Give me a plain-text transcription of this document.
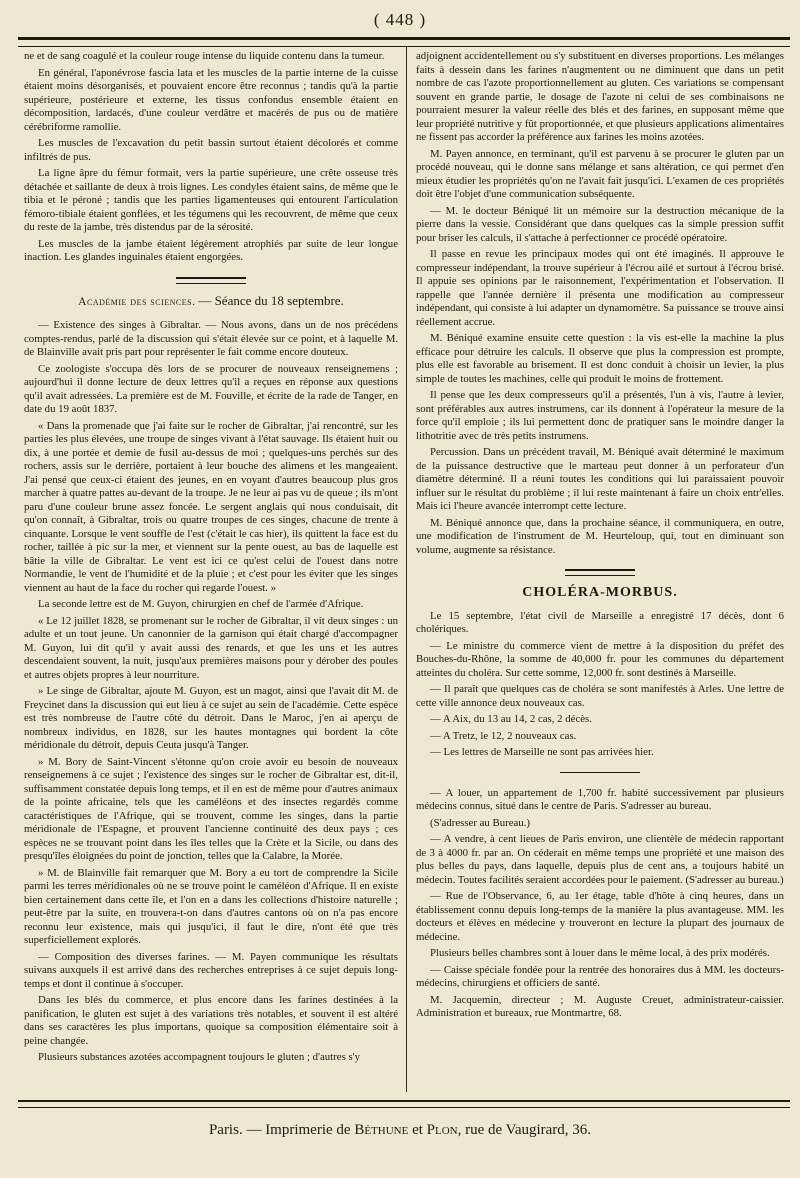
( 448 )

ne et de sang coagulé et la couleur rouge intense du liquide contenu dans la tumeur.

En général, l'aponévrose fascia lata et les muscles de la partie interne de la cuisse étaient moins désorganisés, et pouvaient encore être reconnus ; tandis qu'à la partie supérieure, postérieure et externe, les tissus confondus ensemble étaient en décomposition, lardacés, d'une couleur verdâtre et macérés de pus ou de matière cérébriforme ramollie.

Les muscles de l'excavation du petit bassin surtout étaient décolorés et comme infiltrés de pus.

La ligne âpre du fémur formait, vers la partie supérieure, une crête osseuse très détachée et saillante de deux à trois lignes. Les condyles étaient sains, de même que le tibia et le péroné ; tandis que les parties ligamenteuses qui entourent l'articulation fémoro-tibiale étaient gonflées, et les tégumens qui les recouvrent, de même que ceux du reste de la jambe, très distendus par de la sérosité.

Les muscles de la jambe étaient légèrement atrophiés par suite de leur longue inaction. Les glandes inguinales étaient engorgées.

Académie des sciences. — Séance du 18 septembre.

— Existence des singes à Gibraltar. — Nous avons, dans un de nos précédens comptes-rendus, parlé de la discussion qui s'était élevée sur ce point, et à laquelle M. de Blainville avait pris part pour représenter le fait comme encore douteux.

Ce zoologiste s'occupa dès lors de se procurer de nouveaux renseignemens ; aujourd'hui il donne lecture de deux lettres qu'il a reçues en réponse aux questions qu'il avait adressées. La première est de M. Fouville, et écrite de la rade de Tanger, en date du 19 août 1837.

« Dans la promenade que j'ai faite sur le rocher de Gibraltar, j'ai rencontré, sur les parties les plus élevées, une troupe de singes vivant à l'état sauvage. Ils étaient huit ou dix, à une portée et demie de fusil au-dessus de moi ; quelques-uns perchés sur des rochers, assis sur le derrière, portaient à leur bouche des alimens et les mangeaient. J'ai pensé que ceux-ci étaient des jeunes, en en voyant d'autres beaucoup plus gros marcher à quatre pattes au-devant de la troupe. Je ne leur ai pas vu de queue ; ils m'ont paru d'une couleur brune assez foncée. Le sergent anglais qui nous conduisait, dit qu'on connaît, à Gibraltar, trois ou quatre troupes de ces singes, chacune de trente à cinquante. Lorsque le vent souffle de l'est (c'était le cas hier), ils quittent la face est du rocher, taillée à pic sur la mer, et viennent sur la pente ouest, au bas de laquelle est bâtie la ville de Gibraltar. Le vent est ici ce qu'est celui de l'ouest dans notre Normandie, le vent de l'humidité et de la pluie ; et c'est pour les éviter que les singes viennent au haut de la face du rocher qui regarde l'ouest. »

La seconde lettre est de M. Guyon, chirurgien en chef de l'armée d'Afrique.

« Le 12 juillet 1828, se promenant sur le rocher de Gibraltar, il vit deux singes : un adulte et un tout jeune. Un canonnier de la garnison qui était chargé d'accompagner M. Guyon, lui dit qu'il y avait aussi des renards, et que les uns et les autres descendaient souvent, la nuit, jusqu'aux premières maisons pour y dérober des poules et autres objets propres à leur nourriture.

» Le singe de Gibraltar, ajoute M. Guyon, est un magot, ainsi que l'avait dit M. de Freycinet dans la discussion qui eut lieu à ce sujet au sein de l'académie. Cette espèce est très nombreuse de l'autre côté du détroit. Dans le Maroc, j'en ai aperçu de nombreux individus, en 1828, sur les hautes montagnes qui bordent la côte méridionale du détroit, depuis Ceuta jusqu'à Tanger.

» M. Bory de Saint-Vincent s'étonne qu'on croie avoir eu besoin de nouveaux renseignemens à ce sujet ; l'existence des singes sur le rocher de Gibraltar est, dit-il, suffisamment constatée depuis long temps, et il en est de même pour d'autres animaux de la pointe africaine, tels que les caméléons et des insectes regardés comme caractéristiques de l'Afrique, qui se trouvent, comme les singes, dans la partie méridionale de l'Espagne, et prouvent l'ancienne continuité des deux pays ; ces espèces ne se trouvant point dans les îles telles que la Crète et la Sicile, ou dans des presqu'îles éloignées du point de jonction, telles que la Calabre, la Morée.

» M. de Blainville fait remarquer que M. Bory a eu tort de comprendre la Sicile parmi les terres méridionales où ne se trouve point le caméléon d'Afrique. Il en existe bien certainement dans cette île, et l'on en a dans les collections d'histoire naturelle ; peut-être par la suite, en trouvera-t-on dans d'autres cantons où on n'a pas encore reconnu leur existence, mais qui jusqu'ici, il faut le dire, n'ont été que très superficiellement explorés.

— Composition des diverses farines. — M. Payen communique les résultats suivans auxquels il est arrivé dans des recherches entreprises à ce sujet depuis long-temps et dont il continue à s'occuper.

Dans les blés du commerce, et plus encore dans les farines destinées à la panification, le gluten est sujet à des variations très notables, et souvent il est altéré dans ses caractères les plus importans, quoique sa composition élémentaire soit à peine changée.

Plusieurs substances azotées accompagnent toujours le gluten ; d'autres s'y

adjoignent accidentellement ou s'y substituent en diverses proportions. Les mélanges faits à dessein dans les farines n'augmentent ou ne diminuent que dans un petit nombre de cas l'azote proportionnellement au gluten. Ces variations se compensant souvent en grande partie, le dosage de l'azote ni celui de ses combinaisons ne pourraient mesurer la valeur réelle des blés et des farines, en supposant même que leur propriété nutritive y fût proportionnée, et que plusieurs applications alimentaires ne fissent pas accorder la préférence aux farines les moins azotées.

M. Payen annonce, en terminant, qu'il est parvenu à se procurer le gluten par un procédé nouveau, qui le donne sans mélange et sans altération, ce qui permet d'en mieux étudier les propriétés qu'on ne l'avait fait jusqu'ici. L'examen de ces propriétés doit être l'objet d'une communication subséquente.

— M. le docteur Béniqué lit un mémoire sur la destruction mécanique de la pierre dans la vessie. Considérant que dans quelques cas la simple pression suffit pour briser les calculs, il s'attache à perfectionner ce procédé opératoire.

Il passe en revue les principaux modes qui ont été imaginés. Il approuve le compresseur indépendant, la trouve supérieur à l'écrou ailé et surtout à l'écrou brisé. Il appuie ses opinions par le raisonnement, l'expérimentation et l'observation. Il rappelle que l'année dernière il présenta une modification au compresseur indépendant, qui consiste à lui adapter un dynamomètre. Sa puissance se trouve ainsi réellement accrue.

M. Béniqué examine ensuite cette question : la vis est-elle la machine la plus efficace pour détruire les calculs. Il observe que plus la compression est prompte, plus elle est favorable au brisement. Il est donc conduit à choisir un levier, la plus simple de toutes les machines, celle qui produit le moins de frottement.

Il pense que les deux compresseurs qu'il a présentés, l'un à vis, l'autre à levier, sont préférables aux autres instrumens, car ils donnent à l'opérateur la mesure de la force qu'il emploie ; ils lui permettent donc de pratiquer sans le moindre danger la lithotritie avec de très petits instrumens.

Percussion. Dans un précédent travail, M. Béniqué avait déterminé le maximum de la puissance destructive que le marteau peut donner à un perforateur d'un diamètre déterminé. Il a réuni toutes les conditions qui lui paraissaient pouvoir influer sur le résultat du problème ; il lui reste maintenant à faire un choix entr'elles. Mais ici l'heure avancée interrompt cette lecture.

M. Béniqué annonce que, dans la prochaine séance, il communiquera, en outre, une modification de l'instrument de M. Heurteloup, qui, tout en diminuant son volume, augmente sa résistance.

CHOLÉRA-MORBUS.

Le 15 septembre, l'état civil de Marseille a enregistré 17 décès, dont 6 cholériques.

— Le ministre du commerce vient de mettre à la disposition du préfet des Bouches-du-Rhône, la somme de 40,000 fr. pour les communes du département atteintes du choléra. Sur cette somme, 12,000 fr. sont destinés à Marseille.

— Il paraît que quelques cas de choléra se sont manifestés à Arles. Une lettre de cette ville annonce deux nouveaux cas.

— A Aix, du 13 au 14, 2 cas, 2 décès.

— A Tretz, le 12, 2 nouveaux cas.

— Les lettres de Marseille ne sont pas arrivées hier.

— A louer, un appartement de 1,700 fr. habité successivement par plusieurs médecins connus, situé dans le centre de Paris. S'adresser au bureau.

(S'adresser au Bureau.)

— A vendre, à cent lieues de Paris environ, une clientèle de médecin rapportant de 3 à 4000 fr. par an. On céderait en même temps une propriété et une maison des plus belles du pays, dans laquelle, depuis plus de cent ans, a toujours habité un médecin. Toutes facilités seraient accordées pour le paiement. (S'adresser au bureau.)

— Rue de l'Observance, 6, au 1er étage, table d'hôte à cinq heures, dans un établissement connu depuis long-temps de la manière la plus avantageuse. MM. les docteurs et élèves en médecine y trouveront en lecture la plupart des journaux de médecine.

Plusieurs belles chambres sont à louer dans le même local, à des prix modérés.

— Caisse spéciale fondée pour la rentrée des honoraires dus à MM. les docteurs-médecins, chirurgiens et officiers de santé.

M. Jacquemin, directeur ; M. Auguste Creuet, administrateur-caissier. Administration et bureaux, rue Montmartre, 68.

Paris. — Imprimerie de Béthune et Plon, rue de Vaugirard, 36.
